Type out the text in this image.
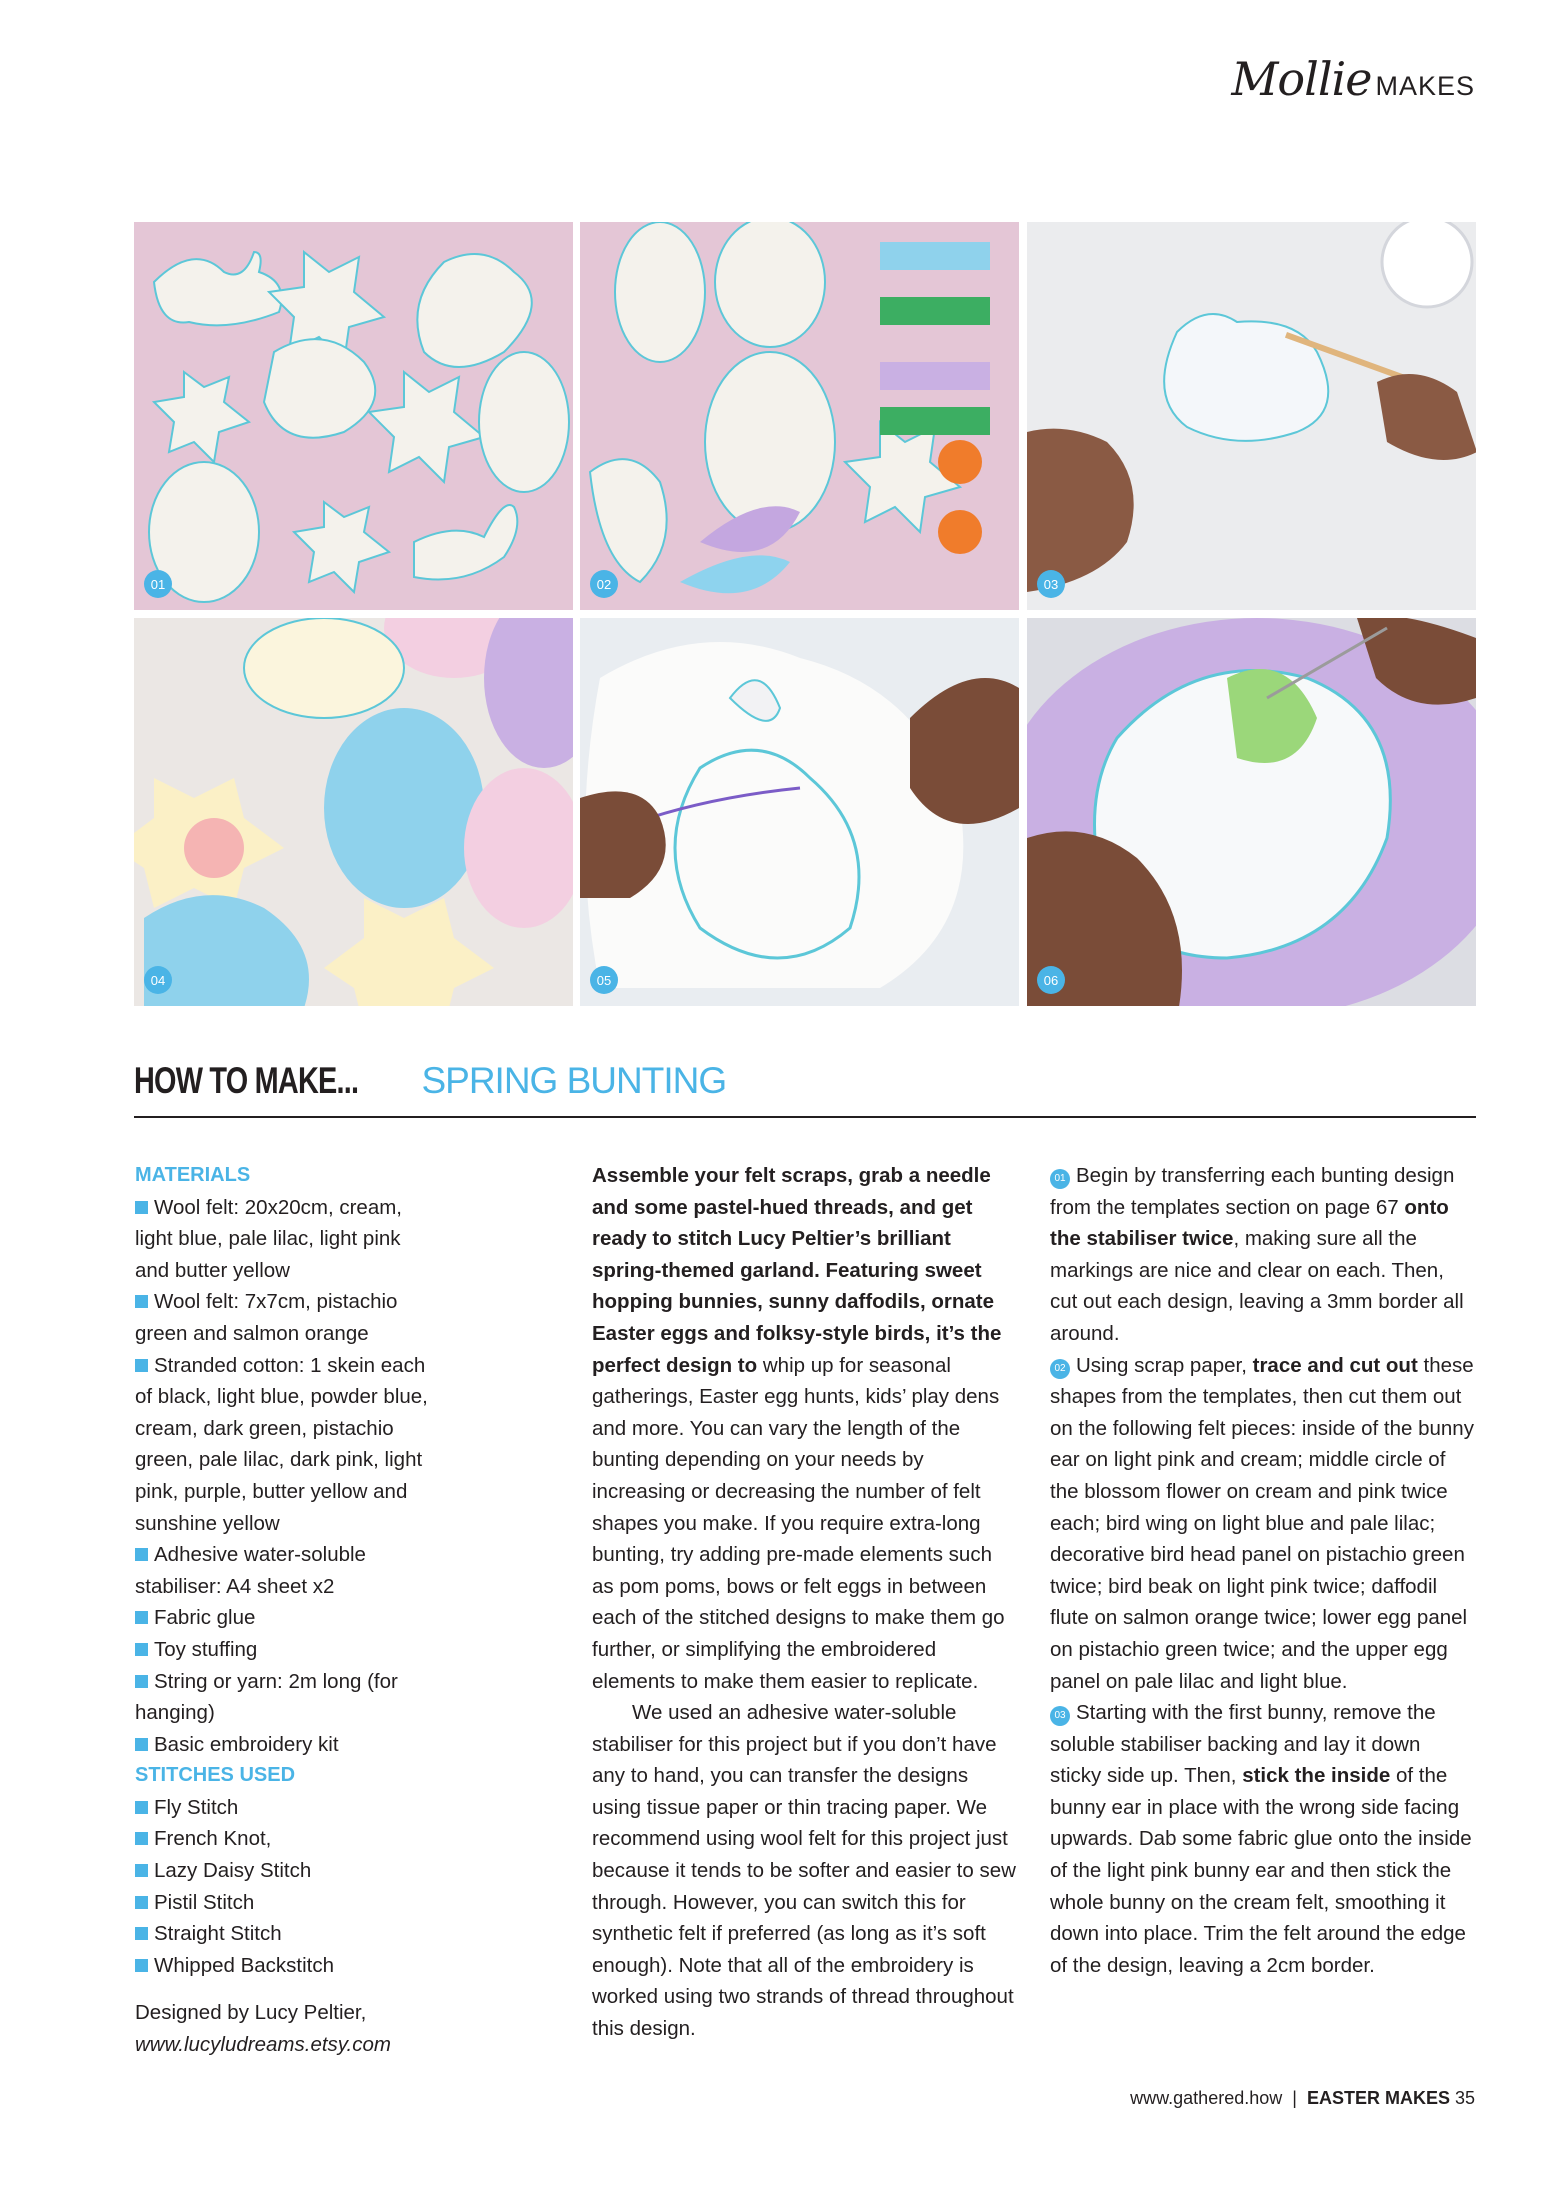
Mollie MAKES
01	02	03
04	05	06
HOW TO MAKE... SPRING BUNTING
MATERIALS
Wool felt: 20x20cm, cream, light blue, pale lilac, light pink and butter yellow
Wool felt: 7x7cm, pistachio green and salmon orange
Stranded cotton: 1 skein each of black, light blue, powder blue, cream, dark green, pistachio green, pale lilac, dark pink, light pink, purple, butter yellow and sunshine yellow
Adhesive water-soluble stabiliser: A4 sheet x2
Fabric glue
Toy stuffing
String or yarn: 2m long (for hanging)
Basic embroidery kit
STITCHES USED
Fly Stitch
French Knot,
Lazy Daisy Stitch
Pistil Stitch
Straight Stitch
Whipped Backstitch
Designed by Lucy Peltier,
www.lucyludreams.etsy.com

Assemble your felt scraps, grab a needle and some pastel-hued threads, and get ready to stitch Lucy Peltier’s brilliant spring-themed garland. Featuring sweet hopping bunnies, sunny daffodils, ornate Easter eggs and folksy-style birds, it’s the perfect design to whip up for seasonal gatherings, Easter egg hunts, kids’ play dens and more. You can vary the length of the bunting depending on your needs by increasing or decreasing the number of felt shapes you make. If you require extra-long bunting, try adding pre-made elements such as pom poms, bows or felt eggs in between each of the stitched designs to make them go further, or simplifying the embroidered elements to make them easier to replicate.

We used an adhesive water-soluble stabiliser for this project but if you don’t have any to hand, you can transfer the designs using tissue paper or thin tracing paper. We recommend using wool felt for this project just because it tends to be softer and easier to sew through. However, you can switch this for synthetic felt if preferred (as long as it’s soft enough). Note that all of the embroidery is worked using two strands of thread throughout this design.

01 Begin by transferring each bunting design from the templates section on page 67 onto the stabiliser twice, making sure all the markings are nice and clear on each. Then, cut out each design, leaving a 3mm border all around.

02 Using scrap paper, trace and cut out these shapes from the templates, then cut them out on the following felt pieces: inside of the bunny ear on light pink and cream; middle circle of the blossom flower on cream and pink twice each; bird wing on light blue and pale lilac; decorative bird head panel on pistachio green twice; bird beak on light pink twice; daffodil flute on salmon orange twice; lower egg panel on pistachio green twice; and the upper egg panel on pale lilac and light blue.

03 Starting with the first bunny, remove the soluble stabiliser backing and lay it down sticky side up. Then, stick the inside of the bunny ear in place with the wrong side facing upwards. Dab some fabric glue onto the inside of the light pink bunny ear and then stick the whole bunny on the cream felt, smoothing it down into place. Trim the felt around the edge of the design, leaving a 2cm border.

www.gathered.how | EASTER MAKES 35
